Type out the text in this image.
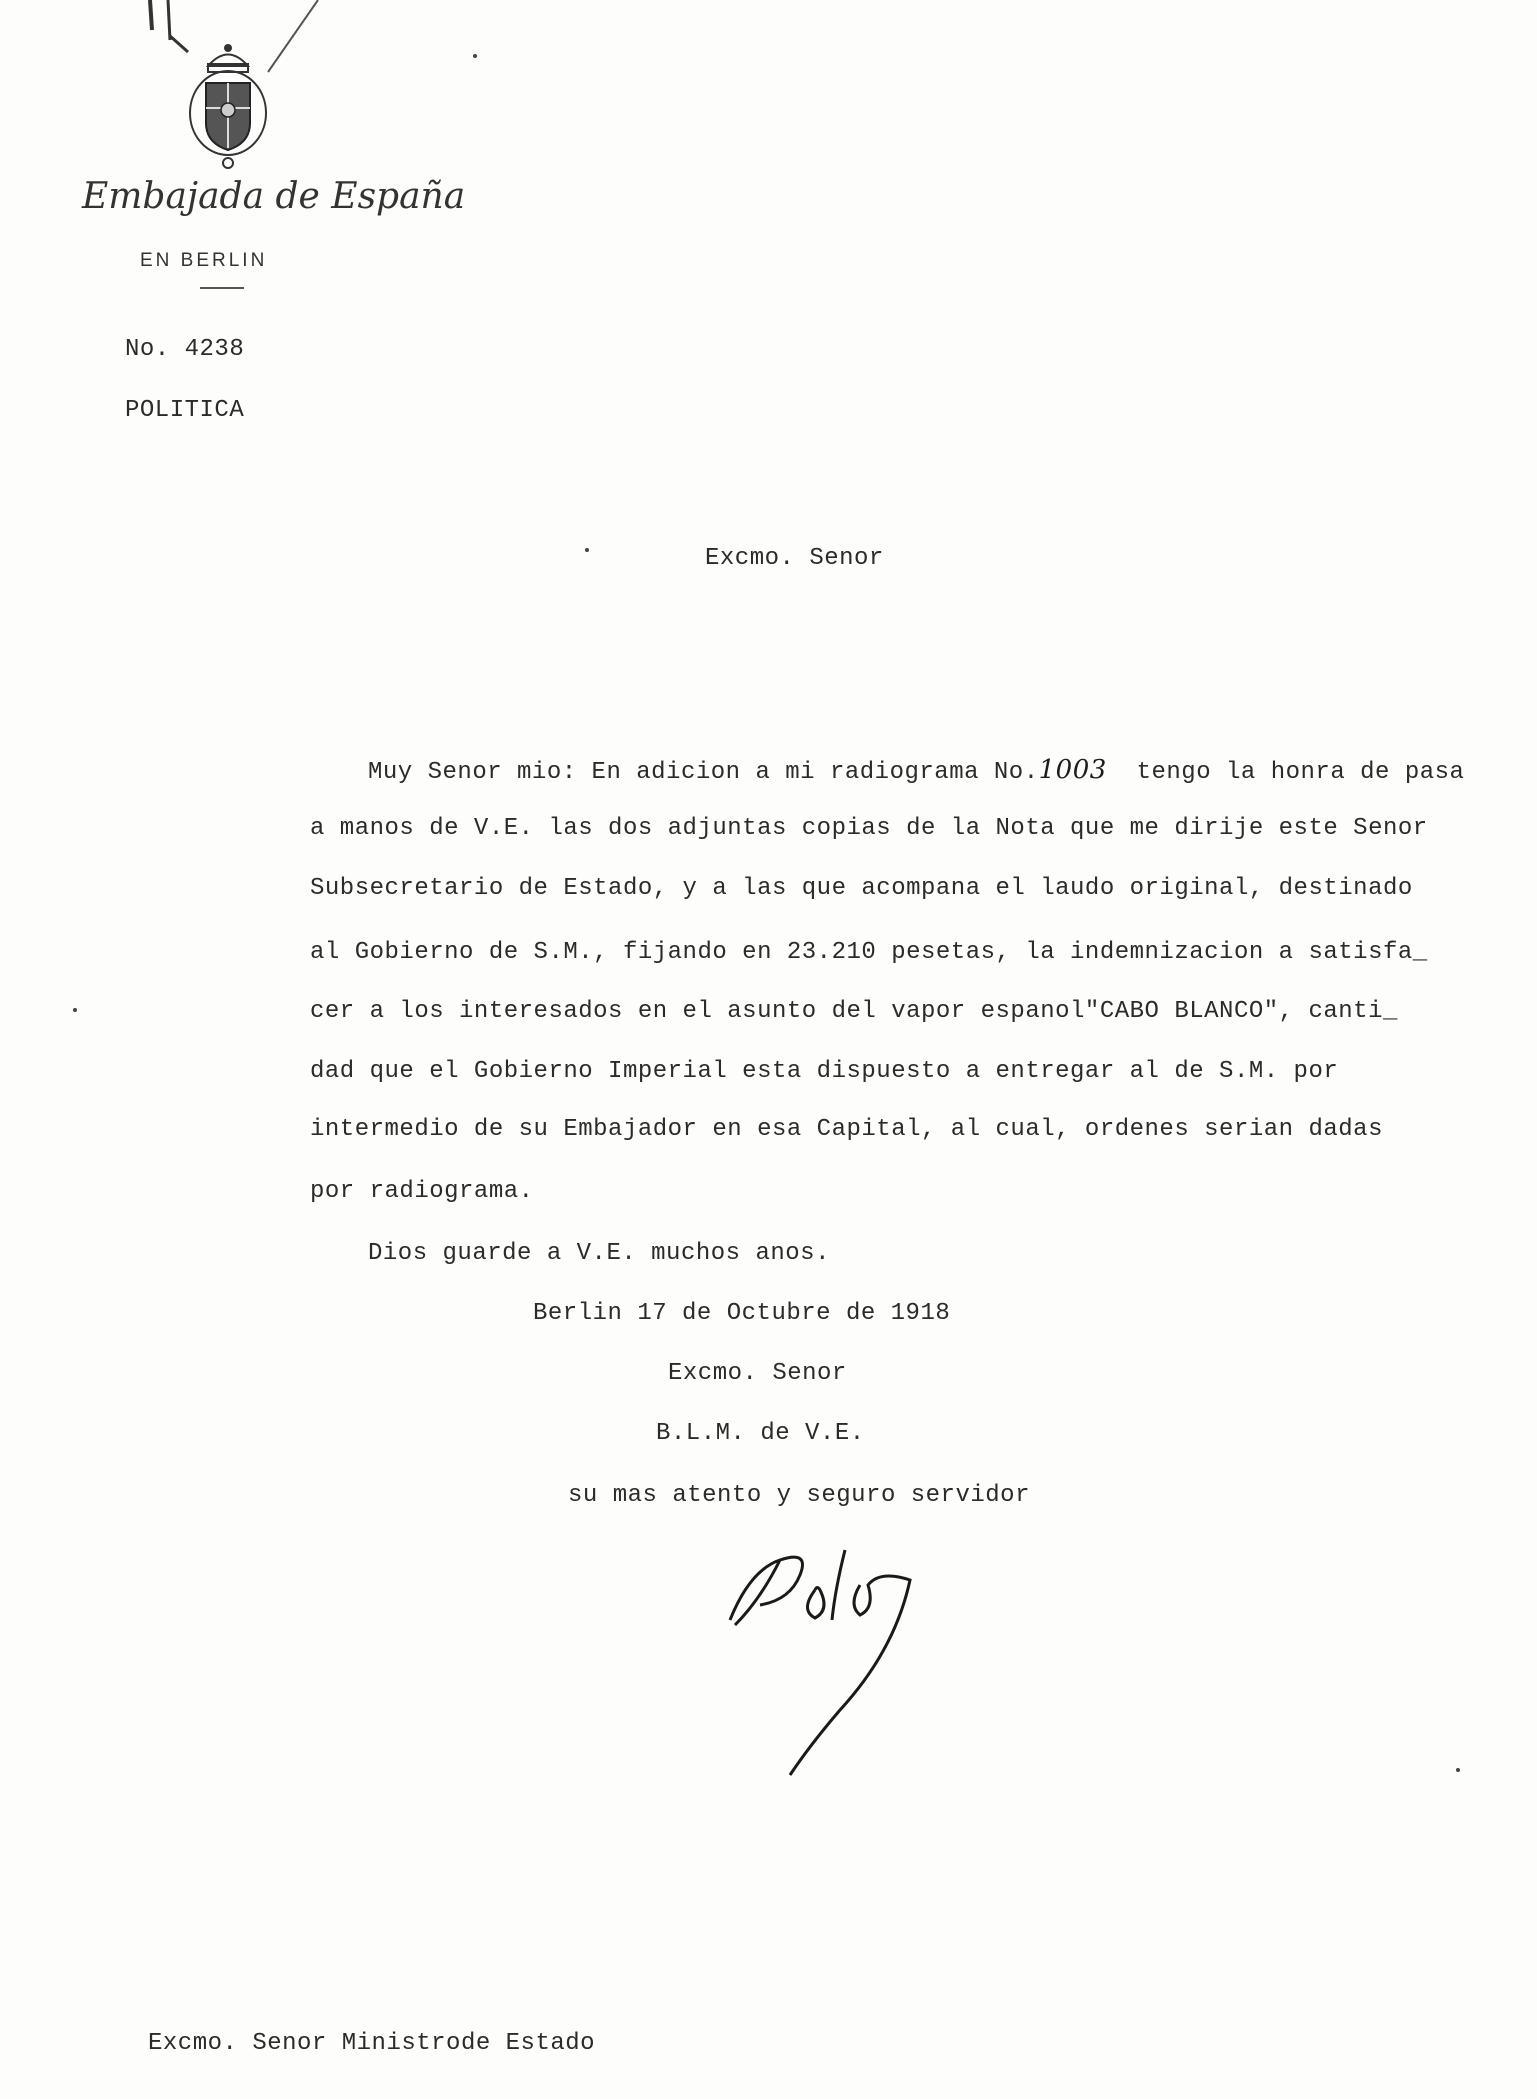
Embajada de España
EN BERLIN
No. 4238
POLITICA
Excmo. Senor
Muy Senor mio: En adicion a mi radiograma No.1003 tengo la honra de pasa
a manos de V.E. las dos adjuntas copias de la Nota que me dirije este Senor
Subsecretario de Estado, y a las que acompana el laudo original, destinado
al Gobierno de S.M., fijando en 23.210 pesetas, la indemnizacion a satisfa_
cer a los interesados en el asunto del vapor espanol"CABO BLANCO", canti_
dad que el Gobierno Imperial esta dispuesto a entregar al de S.M. por
intermedio de su Embajador en esa Capital, al cual, ordenes serian dadas
por radiograma.
Dios guarde a V.E. muchos anos.
Berlin 17 de Octubre de 1918
Excmo. Senor
B.L.M. de V.E.
su mas atento y seguro servidor
Excmo. Senor Ministrode Estado
